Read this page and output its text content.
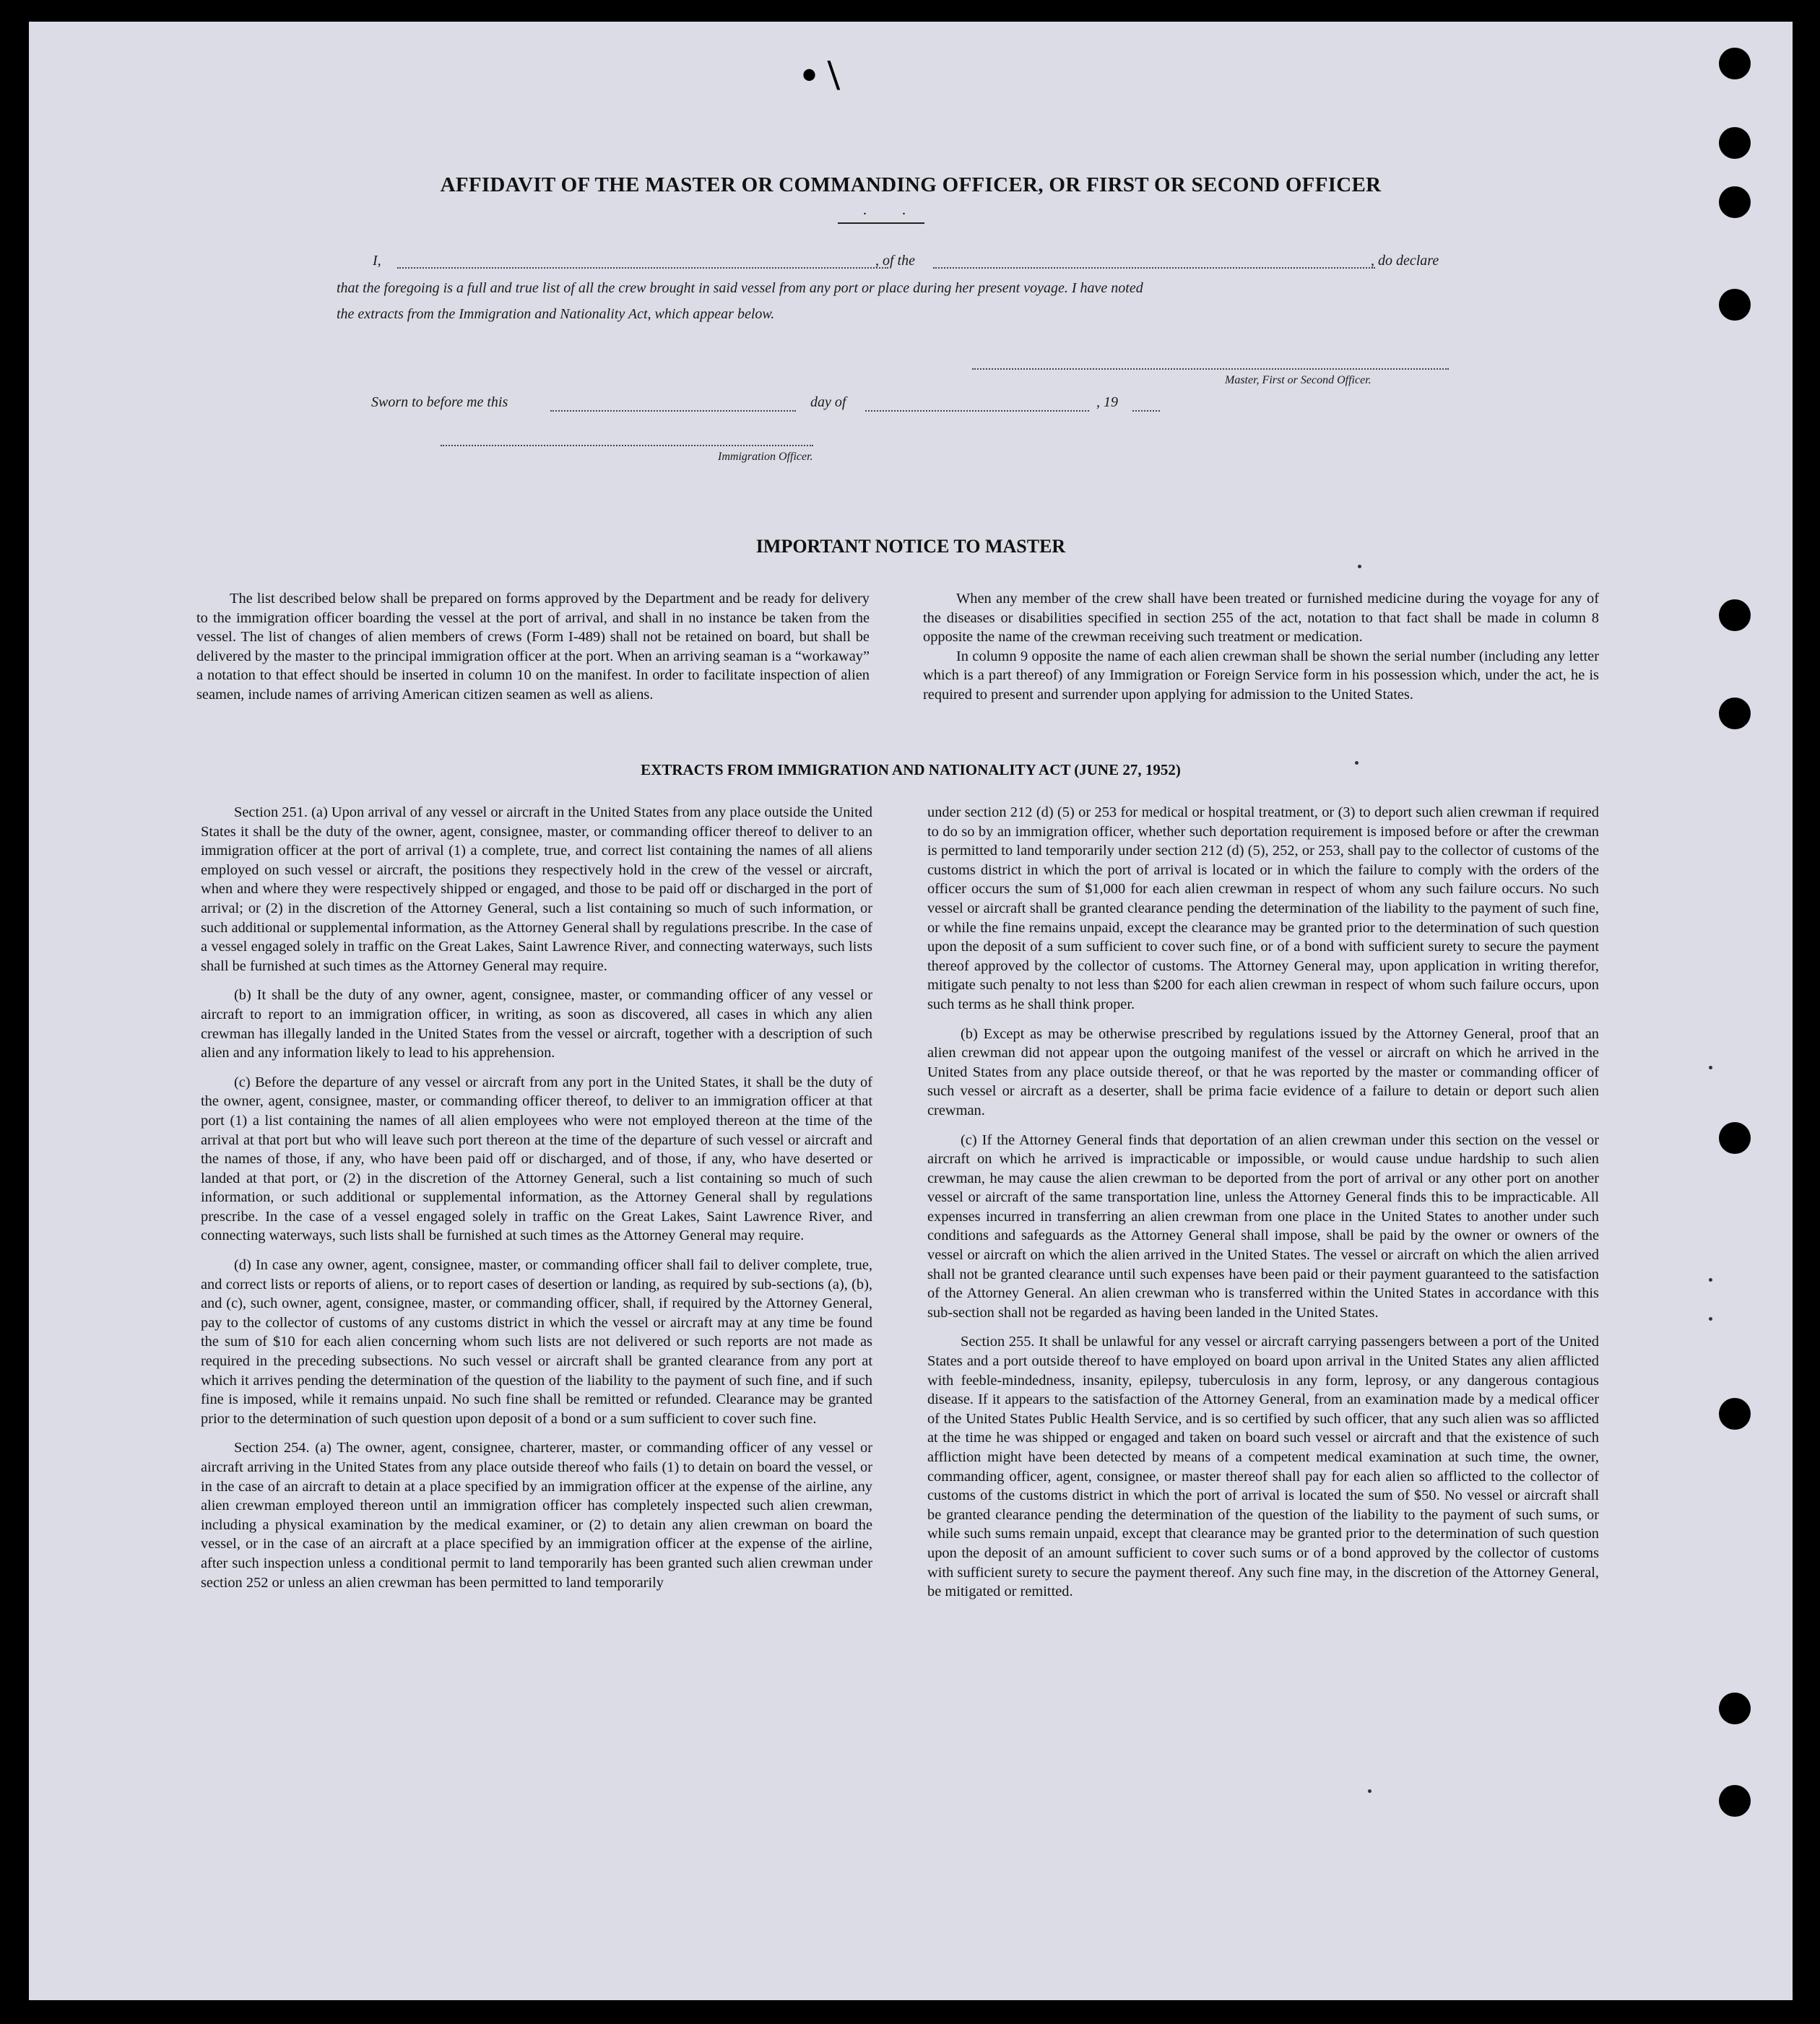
• \
AFFIDAVIT OF THE MASTER OR COMMANDING OFFICER, OR FIRST OR SECOND OFFICER
. .
I,	, of the	, do declare
that the foregoing is a full and true list of all the crew brought in said vessel from any port or place during her present voyage. I have noted
the extracts from the Immigration and Nationality Act, which appear below.
Master, First or Second Officer.
Sworn to before me this	day of	, 19
Immigration Officer.
IMPORTANT NOTICE TO MASTER

The list described below shall be prepared on forms approved by the Department and be ready for delivery to the immigration officer boarding the vessel at the port of arrival, and shall in no instance be taken from the vessel. The list of changes of alien members of crews (Form I-489) shall not be retained on board, but shall be delivered by the master to the principal immigration officer at the port. When an arriving seaman is a “workaway” a notation to that effect should be inserted in column 10 on the manifest. In order to facilitate inspection of alien seamen, include names of arriving American citizen seamen as well as aliens.

When any member of the crew shall have been treated or furnished medicine during the voyage for any of the diseases or disabilities specified in section 255 of the act, notation to that fact shall be made in column 8 opposite the name of the crewman receiving such treatment or medication.

In column 9 opposite the name of each alien crewman shall be shown the serial number (including any letter which is a part thereof) of any Immigration or Foreign Service form in his possession which, under the act, he is required to present and surrender upon applying for admission to the United States.

EXTRACTS FROM IMMIGRATION AND NATIONALITY ACT (JUNE 27, 1952)

Section 251. (a) Upon arrival of any vessel or aircraft in the United States from any place outside the United States it shall be the duty of the owner, agent, consignee, master, or commanding officer thereof to deliver to an immigration officer at the port of arrival (1) a complete, true, and correct list containing the names of all aliens employed on such vessel or aircraft, the positions they respectively hold in the crew of the vessel or aircraft, when and where they were respectively shipped or engaged, and those to be paid off or discharged in the port of arrival; or (2) in the discretion of the Attorney General, such a list containing so much of such information, or such additional or supplemental information, as the Attorney General shall by regulations prescribe. In the case of a vessel engaged solely in traffic on the Great Lakes, Saint Lawrence River, and connecting waterways, such lists shall be furnished at such times as the Attorney General may require.

(b) It shall be the duty of any owner, agent, consignee, master, or commanding officer of any vessel or aircraft to report to an immigration officer, in writing, as soon as discovered, all cases in which any alien crewman has illegally landed in the United States from the vessel or aircraft, together with a description of such alien and any information likely to lead to his apprehension.

(c) Before the departure of any vessel or aircraft from any port in the United States, it shall be the duty of the owner, agent, consignee, master, or commanding officer thereof, to deliver to an immigration officer at that port (1) a list containing the names of all alien employees who were not employed thereon at the time of the arrival at that port but who will leave such port thereon at the time of the departure of such vessel or aircraft and the names of those, if any, who have been paid off or discharged, and of those, if any, who have deserted or landed at that port, or (2) in the discretion of the Attorney General, such a list containing so much of such information, or such additional or supplemental information, as the Attorney General shall by regulations prescribe. In the case of a vessel engaged solely in traffic on the Great Lakes, Saint Lawrence River, and connecting waterways, such lists shall be furnished at such times as the Attorney General may require.

(d) In case any owner, agent, consignee, master, or commanding officer shall fail to deliver complete, true, and correct lists or reports of aliens, or to report cases of desertion or landing, as required by sub-sections (a), (b), and (c), such owner, agent, consignee, master, or commanding officer, shall, if required by the Attorney General, pay to the collector of customs of any customs district in which the vessel or aircraft may at any time be found the sum of $10 for each alien concerning whom such lists are not delivered or such reports are not made as required in the preceding subsections. No such vessel or aircraft shall be granted clearance from any port at which it arrives pending the determination of the question of the liability to the payment of such fine, and if such fine is imposed, while it remains unpaid. No such fine shall be remitted or refunded. Clearance may be granted prior to the determination of such question upon deposit of a bond or a sum sufficient to cover such fine.

Section 254. (a) The owner, agent, consignee, charterer, master, or commanding officer of any vessel or aircraft arriving in the United States from any place outside thereof who fails (1) to detain on board the vessel, or in the case of an aircraft to detain at a place specified by an immigration officer at the expense of the airline, any alien crewman employed thereon until an immigration officer has completely inspected such alien crewman, including a physical examination by the medical examiner, or (2) to detain any alien crewman on board the vessel, or in the case of an aircraft at a place specified by an immigration officer at the expense of the airline, after such inspection unless a conditional permit to land temporarily has been granted such alien crewman under section 252 or unless an alien crewman has been permitted to land temporarily

under section 212 (d) (5) or 253 for medical or hospital treatment, or (3) to deport such alien crewman if required to do so by an immigration officer, whether such deportation requirement is imposed before or after the crewman is permitted to land temporarily under section 212 (d) (5), 252, or 253, shall pay to the collector of customs of the customs district in which the port of arrival is located or in which the failure to comply with the orders of the officer occurs the sum of $1,000 for each alien crewman in respect of whom any such failure occurs. No such vessel or aircraft shall be granted clearance pending the determination of the liability to the payment of such fine, or while the fine remains unpaid, except the clearance may be granted prior to the determination of such question upon the deposit of a sum sufficient to cover such fine, or of a bond with sufficient surety to secure the payment thereof approved by the collector of customs. The Attorney General may, upon application in writing therefor, mitigate such penalty to not less than $200 for each alien crewman in respect of whom such failure occurs, upon such terms as he shall think proper.

(b) Except as may be otherwise prescribed by regulations issued by the Attorney General, proof that an alien crewman did not appear upon the outgoing manifest of the vessel or aircraft on which he arrived in the United States from any place outside thereof, or that he was reported by the master or commanding officer of such vessel or aircraft as a deserter, shall be prima facie evidence of a failure to detain or deport such alien crewman.

(c) If the Attorney General finds that deportation of an alien crewman under this section on the vessel or aircraft on which he arrived is impracticable or impossible, or would cause undue hardship to such alien crewman, he may cause the alien crewman to be deported from the port of arrival or any other port on another vessel or aircraft of the same transportation line, unless the Attorney General finds this to be impracticable. All expenses incurred in transferring an alien crewman from one place in the United States to another under such conditions and safeguards as the Attorney General shall impose, shall be paid by the owner or owners of the vessel or aircraft on which the alien arrived in the United States. The vessel or aircraft on which the alien arrived shall not be granted clearance until such expenses have been paid or their payment guaranteed to the satisfaction of the Attorney General. An alien crewman who is transferred within the United States in accordance with this sub-section shall not be regarded as having been landed in the United States.

Section 255. It shall be unlawful for any vessel or aircraft carrying passengers between a port of the United States and a port outside thereof to have employed on board upon arrival in the United States any alien afflicted with feeble-mindedness, insanity, epilepsy, tuberculosis in any form, leprosy, or any dangerous contagious disease. If it appears to the satisfaction of the Attorney General, from an examination made by a medical officer of the United States Public Health Service, and is so certified by such officer, that any such alien was so afflicted at the time he was shipped or engaged and taken on board such vessel or aircraft and that the existence of such affliction might have been detected by means of a competent medical examination at such time, the owner, commanding officer, agent, consignee, or master thereof shall pay for each alien so afflicted to the collector of customs of the customs district in which the port of arrival is located the sum of $50. No vessel or aircraft shall be granted clearance pending the determination of the question of the liability to the payment of such sums, or while such sums remain unpaid, except that clearance may be granted prior to the determination of such question upon the deposit of an amount sufficient to cover such sums or of a bond approved by the collector of customs with sufficient surety to secure the payment thereof. Any such fine may, in the discretion of the Attorney General, be mitigated or remitted.
